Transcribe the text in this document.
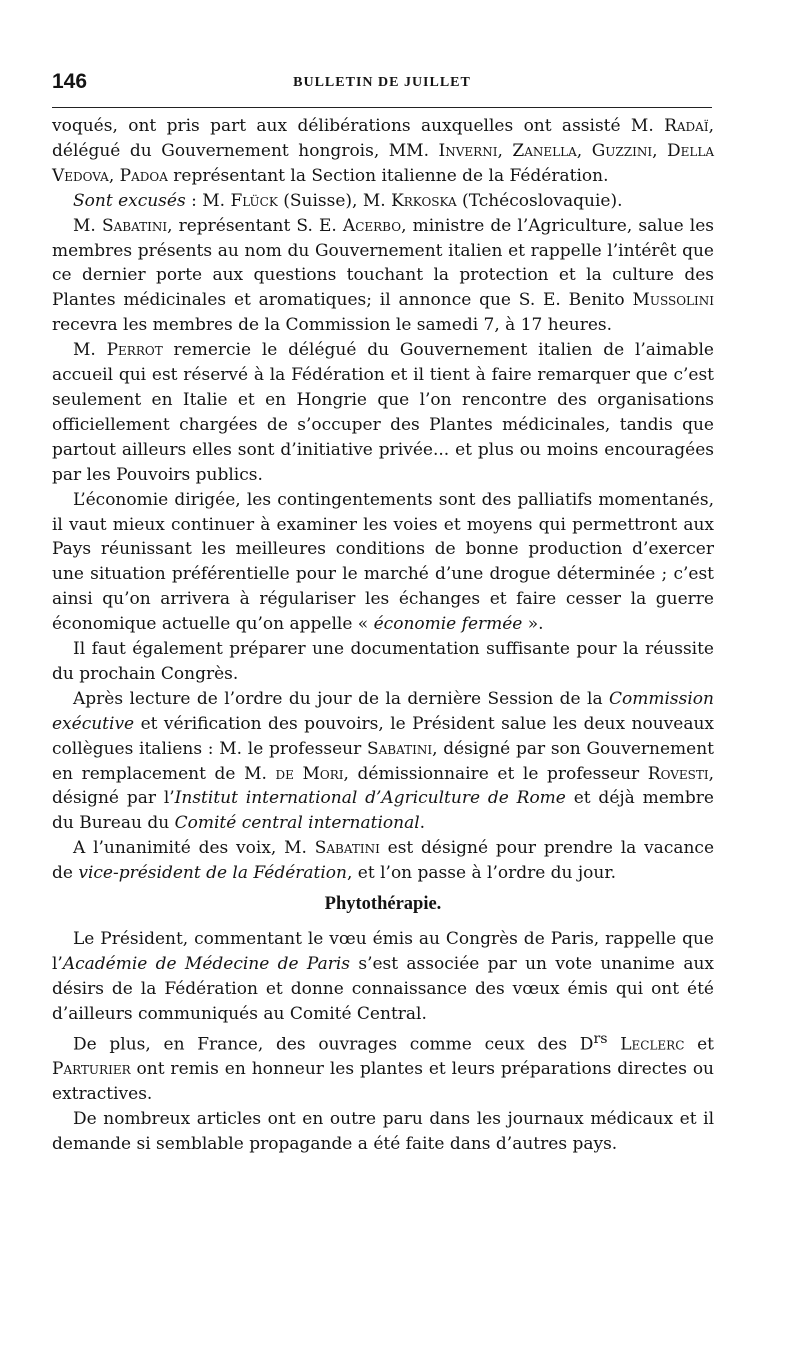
146	BULLETIN DE JUILLET

voqués, ont pris part aux délibérations auxquelles ont assisté M. Radaï, délégué du Gouvernement hongrois, MM. Inverni, Zanella, Guzzini, Della Vedova, Padoa représentant la Section italienne de la Fédération.

Sont excusés : M. Flück (Suisse), M. Krkoska (Tchécoslovaquie).

M. Sabatini, représentant S. E. Acerbo, ministre de l’Agriculture, salue les membres présents au nom du Gouvernement italien et rappelle l’intérêt que ce dernier porte aux questions touchant la protection et la culture des Plantes médicinales et aromatiques; il annonce que S. E. Benito Mussolini recevra les membres de la Commission le samedi 7, à 17 heures.

M. Perrot remercie le délégué du Gouvernement italien de l’aimable accueil qui est réservé à la Fédération et il tient à faire remarquer que c’est seulement en Italie et en Hongrie que l’on rencontre des organisations officiellement chargées de s’occuper des Plantes médicinales, tandis que partout ailleurs elles sont d’initiative privée... et plus ou moins encouragées par les Pouvoirs publics.

L’économie dirigée, les contingentements sont des palliatifs momentanés, il vaut mieux continuer à examiner les voies et moyens qui permettront aux Pays réunissant les meilleures conditions de bonne production d’exercer une situation préférentielle pour le marché d’une drogue déterminée ; c’est ainsi qu’on arrivera à régulariser les échanges et faire cesser la guerre économique actuelle qu’on appelle « économie fermée ».

Il faut également préparer une documentation suffisante pour la réussite du prochain Congrès.

Après lecture de l’ordre du jour de la dernière Session de la Commission exécutive et vérification des pouvoirs, le Président salue les deux nouveaux collègues italiens : M. le professeur Sabatini, désigné par son Gouvernement en remplacement de M. de Mori, démissionnaire et le professeur Rovesti, désigné par l’Institut international d’Agriculture de Rome et déjà membre du Bureau du Comité central international.

A l’unanimité des voix, M. Sabatini est désigné pour prendre la vacance de vice-président de la Fédération, et l’on passe à l’ordre du jour.

Phytothérapie.

Le Président, commentant le vœu émis au Congrès de Paris, rappelle que l’Académie de Médecine de Paris s’est associée par un vote unanime aux désirs de la Fédération et donne connaissance des vœux émis qui ont été d’ailleurs communiqués au Comité Central.

De plus, en France, des ouvrages comme ceux des $D^{rs}$ Leclerc et Parturier ont remis en honneur les plantes et leurs préparations directes ou extractives.

De nombreux articles ont en outre paru dans les journaux médicaux et il demande si semblable propagande a été faite dans d’autres pays.
